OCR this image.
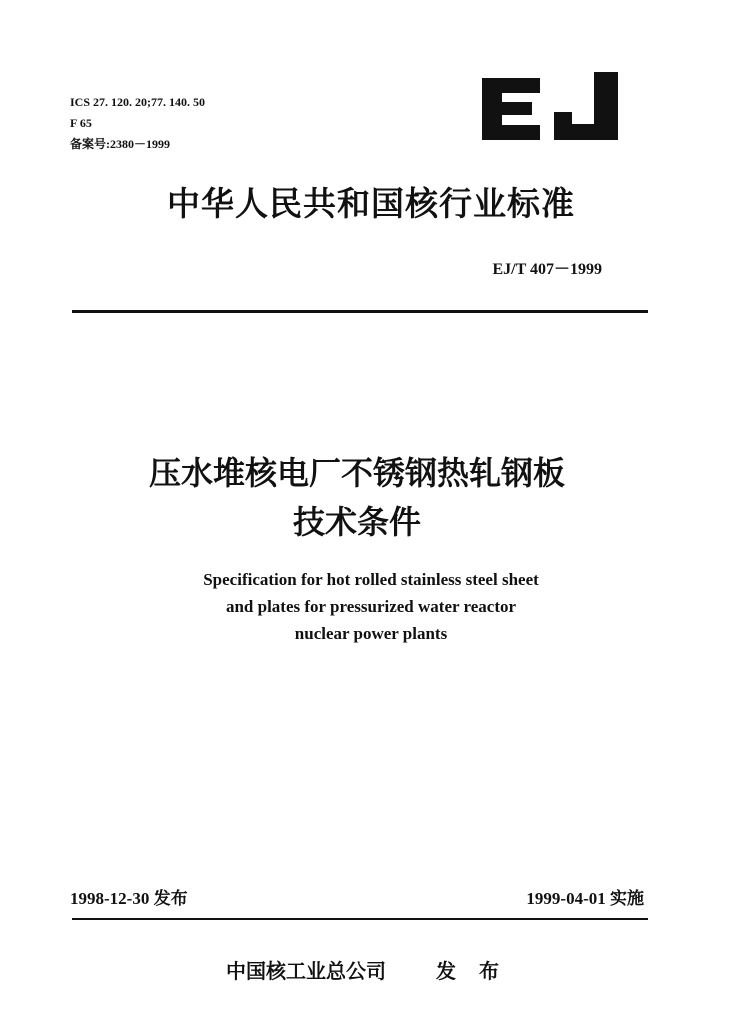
ICS 27. 120. 20;77. 140. 50
F 65
备案号:2380－1999
中华人民共和国核行业标准
EJ/T 407－1999
压水堆核电厂不锈钢热轧钢板
技术条件
Specification for hot rolled stainless steel sheet
and plates for pressurized water reactor
nuclear power plants
1998-12-30 发布	1999-04-01 实施
中国核工业总公司	发 布
